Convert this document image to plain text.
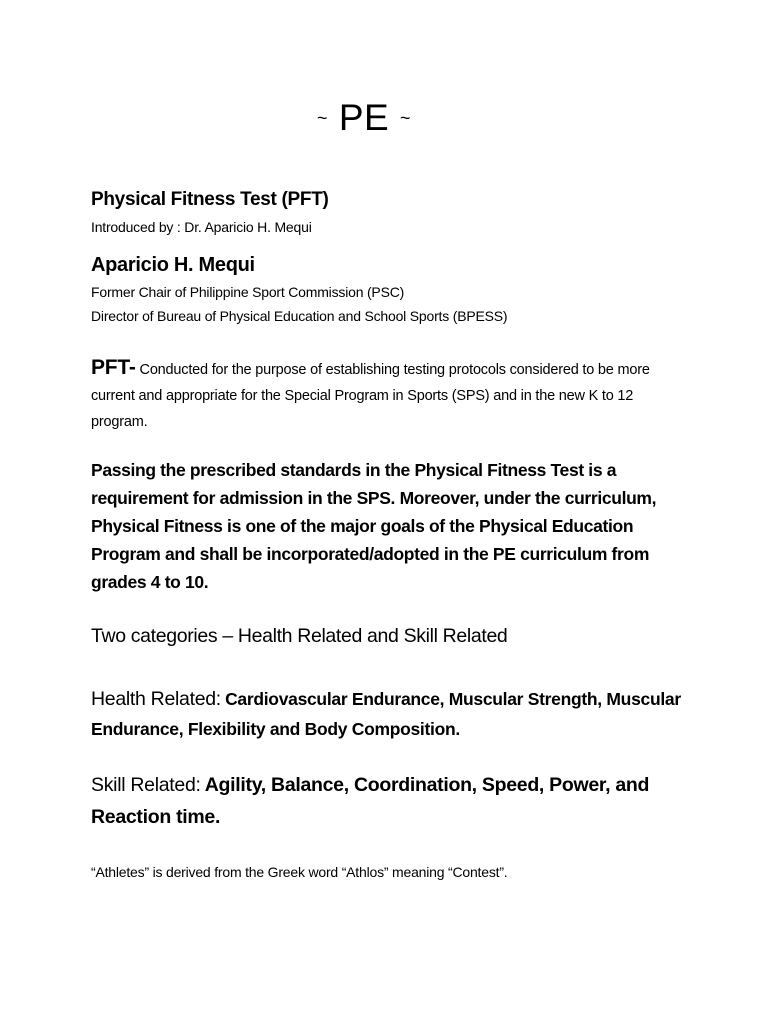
~ PE ~
Physical Fitness Test (PFT)
Introduced by : Dr. Aparicio H. Mequi
Aparicio H. Mequi
Former Chair of Philippine Sport Commission (PSC)
Director of Bureau of Physical Education and School Sports (BPESS)
PFT- Conducted for the purpose of establishing testing protocols considered to be more current and appropriate for the Special Program in Sports (SPS) and in the new K to 12 program.
Passing the prescribed standards in the Physical Fitness Test is a requirement for admission in the SPS. Moreover, under the curriculum, Physical Fitness is one of the major goals of the Physical Education Program and shall be incorporated/adopted in the PE curriculum from grades 4 to 10.
Two categories – Health Related and Skill Related
Health Related: Cardiovascular Endurance, Muscular Strength, Muscular Endurance, Flexibility and Body Composition.
Skill Related: Agility, Balance, Coordination, Speed, Power, and Reaction time.
“Athletes” is derived from the Greek word “Athlos” meaning “Contest”.
